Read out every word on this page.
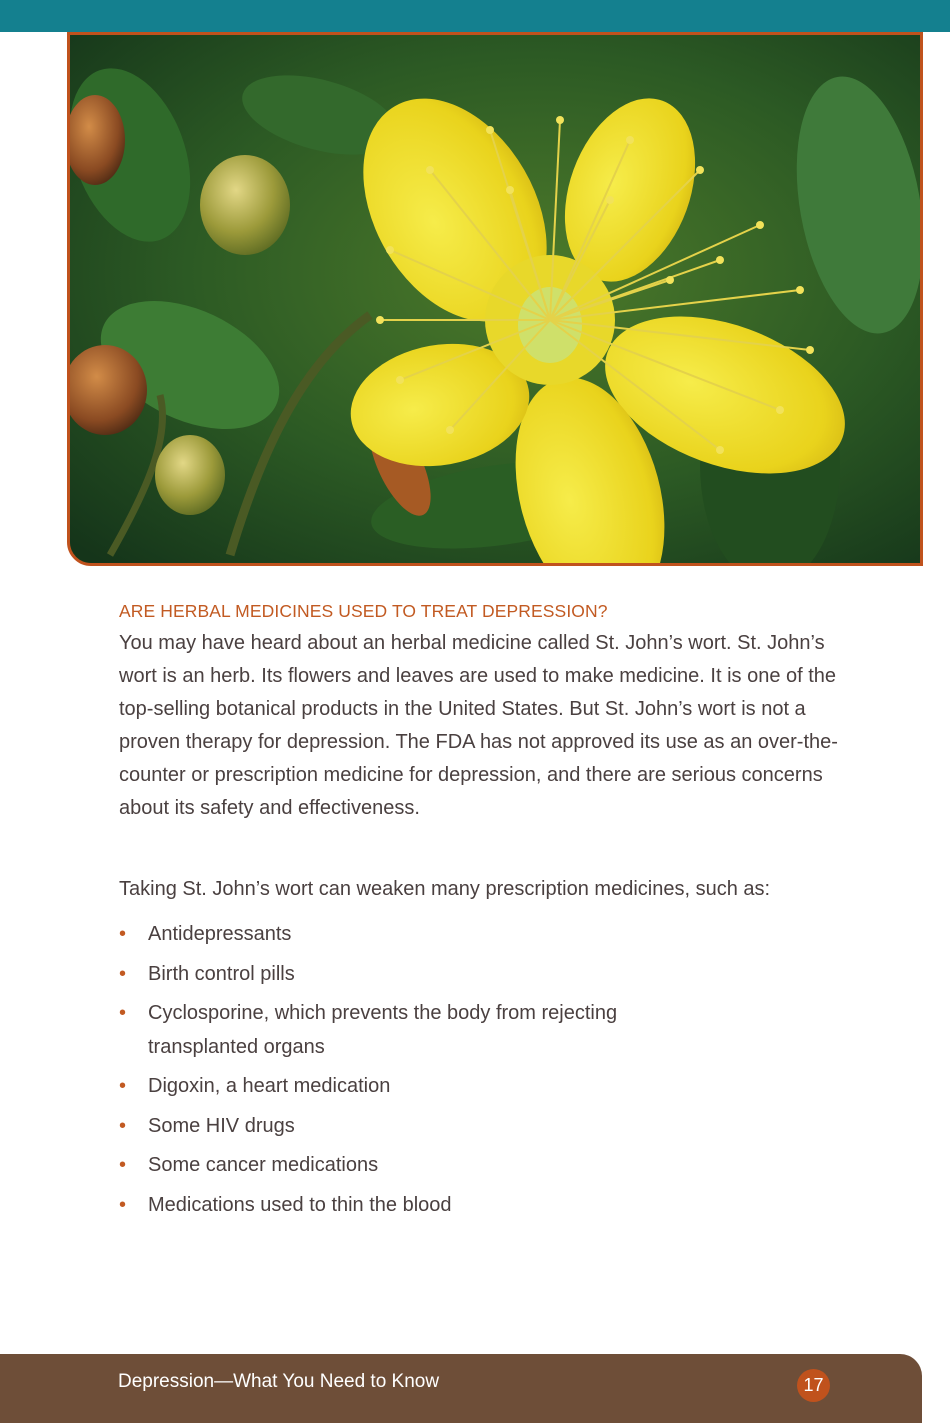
ARE HERBAL MEDICINES USED TO TREAT DEPRESSION?

You may have heard about an herbal medicine called St. John’s wort. St. John’s wort is an herb. Its flowers and leaves are used to make medicine. It is one of the top-selling botanical products in the United States. But St. John’s wort is not a proven therapy for depression. The FDA has not approved its use as an over-the-counter or prescription medicine for depression, and there are serious concerns about its safety and effectiveness.

Taking St. John’s wort can weaken many prescription medicines, such as:

•	Antidepressants
•	Birth control pills
•	Cyclosporine, which prevents the body from rejecting
transplanted organs
•	Digoxin, a heart medication
•	Some HIV drugs
•	Some cancer medications
•	Medications used to thin the blood

Depression—What You Need to Know	17
